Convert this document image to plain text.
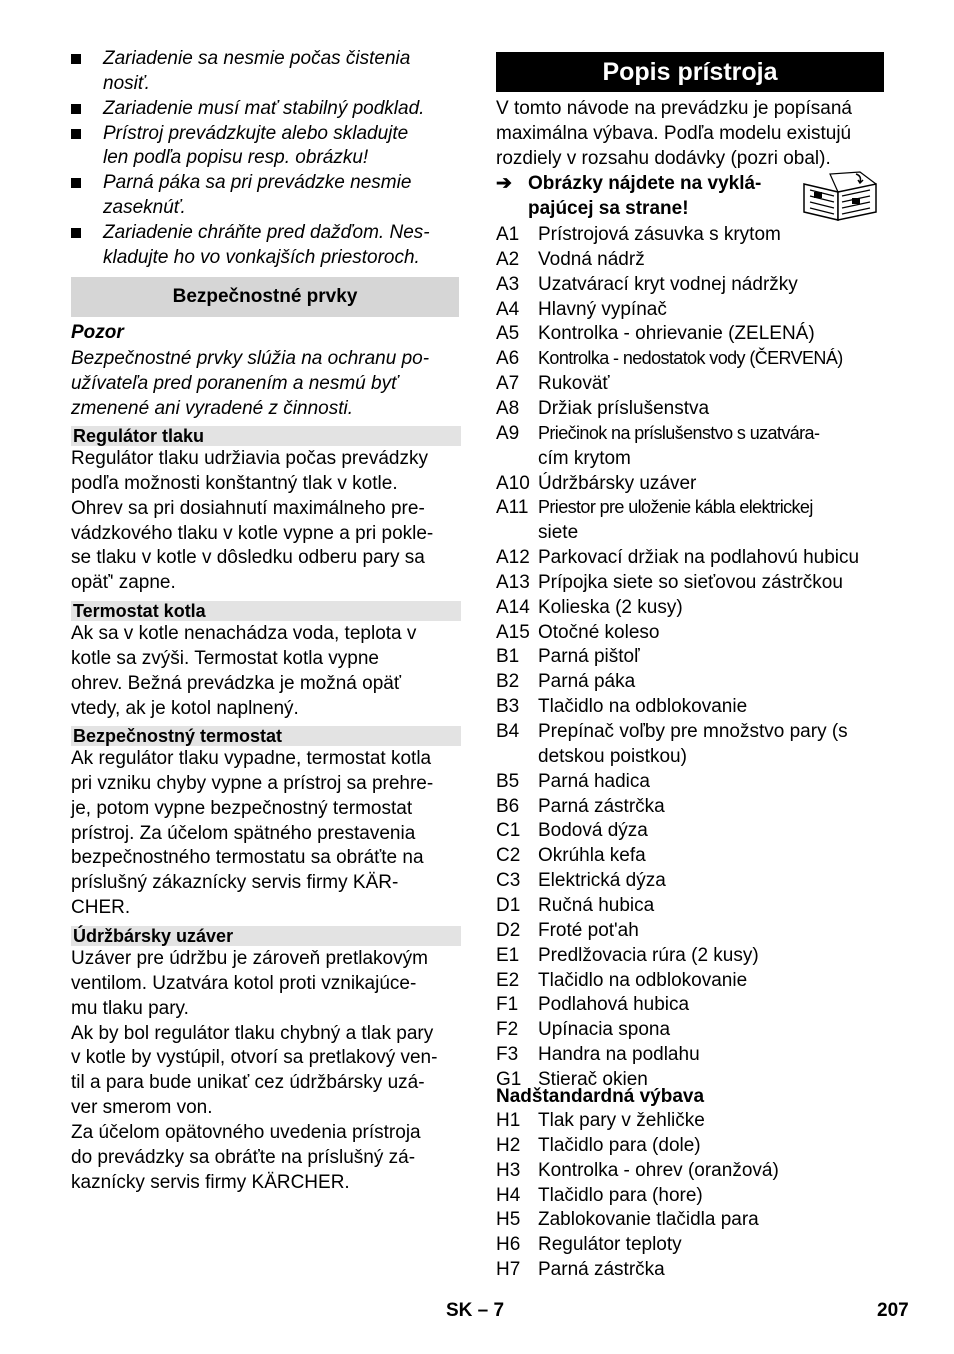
Zariadenie sa nesmie počas čistenia
nosiť.
Zariadenie musí mať stabilný podklad.
Prístroj prevádzkujte alebo skladujte
len podľa popisu resp. obrázku!
Parná páka sa pri prevádzke nesmie
zaseknúť.
Zariadenie chráňte pred dažďom. Nes-
kladujte ho vo vonkajších priestoroch.
Bezpečnostné prvky
Pozor
Bezpečnostné prvky slúžia na ochranu po-
užívateľa pred poranením a nesmú byť
zmenené ani vyradené z činnosti.
Regulátor tlaku
Regulátor tlaku udržiavia počas prevádzky
podľa možnosti konštantný tlak v kotle.
Ohrev sa pri dosiahnutí maximálneho pre-
vádzkového tlaku v kotle vypne a pri pokle-
se tlaku v kotle v dôsledku odberu pary sa
opäť' zapne.
Termostat kotla
Ak sa v kotle nenachádza voda, teplota v
kotle sa zvýši. Termostat kotla vypne
ohrev. Bežná prevádzka je možná opäť
vtedy, ak je kotol naplnený.
Bezpečnostný termostat
Ak regulátor tlaku vypadne, termostat kotla
pri vzniku chyby vypne a prístroj sa prehre-
je, potom vypne bezpečnostný termostat
prístroj. Za účelom spätného prestavenia
bezpečnostného termostatu sa obráťte na
príslušný zákaznícky servis firmy KÄR-
CHER.
Údržbársky uzáver
Uzáver pre údržbu je zároveň pretlakovým
ventilom. Uzatvára kotol proti vznikajúce-
mu tlaku pary.
Ak by bol regulátor tlaku chybný a tlak pary
v kotle by vystúpil, otvorí sa pretlakový ven-
til a para bude unikať cez údržbársky uzá-
ver smerom von.
Za účelom opätovného uvedenia prístroja
do prevádzky sa obráťte na príslušný zá-
kaznícky servis firmy KÄRCHER.
Popis prístroja
V tomto návode na prevádzku je popísaná
maximálna výbava. Podľa modelu existujú
rozdiely v rozsahu dodávky (pozri obal).
➔ Obrázky nájdete na vyklá-
pajúcej sa strane!
A1 Prístrojová zásuvka s krytom
A2 Vodná nádrž
A3 Uzatvárací kryt vodnej nádržky
A4 Hlavný vypínač
A5 Kontrolka - ohrievanie (ZELENÁ)
A6 Kontrolka - nedostatok vody (ČERVENÁ)
A7 Rukoväť
A8 Držiak príslušenstva
A9 Priečinok na príslušenstvo s uzatvára-
cím krytom
A10 Údržbársky uzáver
A11 Priestor pre uloženie kábla elektrickej
siete
A12 Parkovací držiak na podlahovú hubicu
A13 Prípojka siete so sieťovou zástrčkou
A14 Kolieska (2 kusy)
A15 Otočné koleso
B1 Parná pištoľ
B2 Parná páka
B3 Tlačidlo na odblokovanie
B4 Prepínač voľby pre množstvo pary (s
detskou poistkou)
B5 Parná hadica
B6 Parná zástrčka
C1 Bodová dýza
C2 Okrúhla kefa
C3 Elektrická dýza
D1 Ručná hubica
D2 Froté pot'ah
E1 Predlžovacia rúra (2 kusy)
E2 Tlačidlo na odblokovanie
F1 Podlahová hubica
F2 Upínacia spona
F3 Handra na podlahu
G1 Stierač okien
Nadštandardná výbava
H1 Tlak pary v žehličke
H2 Tlačidlo para (dole)
H3 Kontrolka - ohrev (oranžová)
H4 Tlačidlo para (hore)
H5 Zablokovanie tlačidla para
H6 Regulátor teploty
H7 Parná zástrčka
SK – 7	207
